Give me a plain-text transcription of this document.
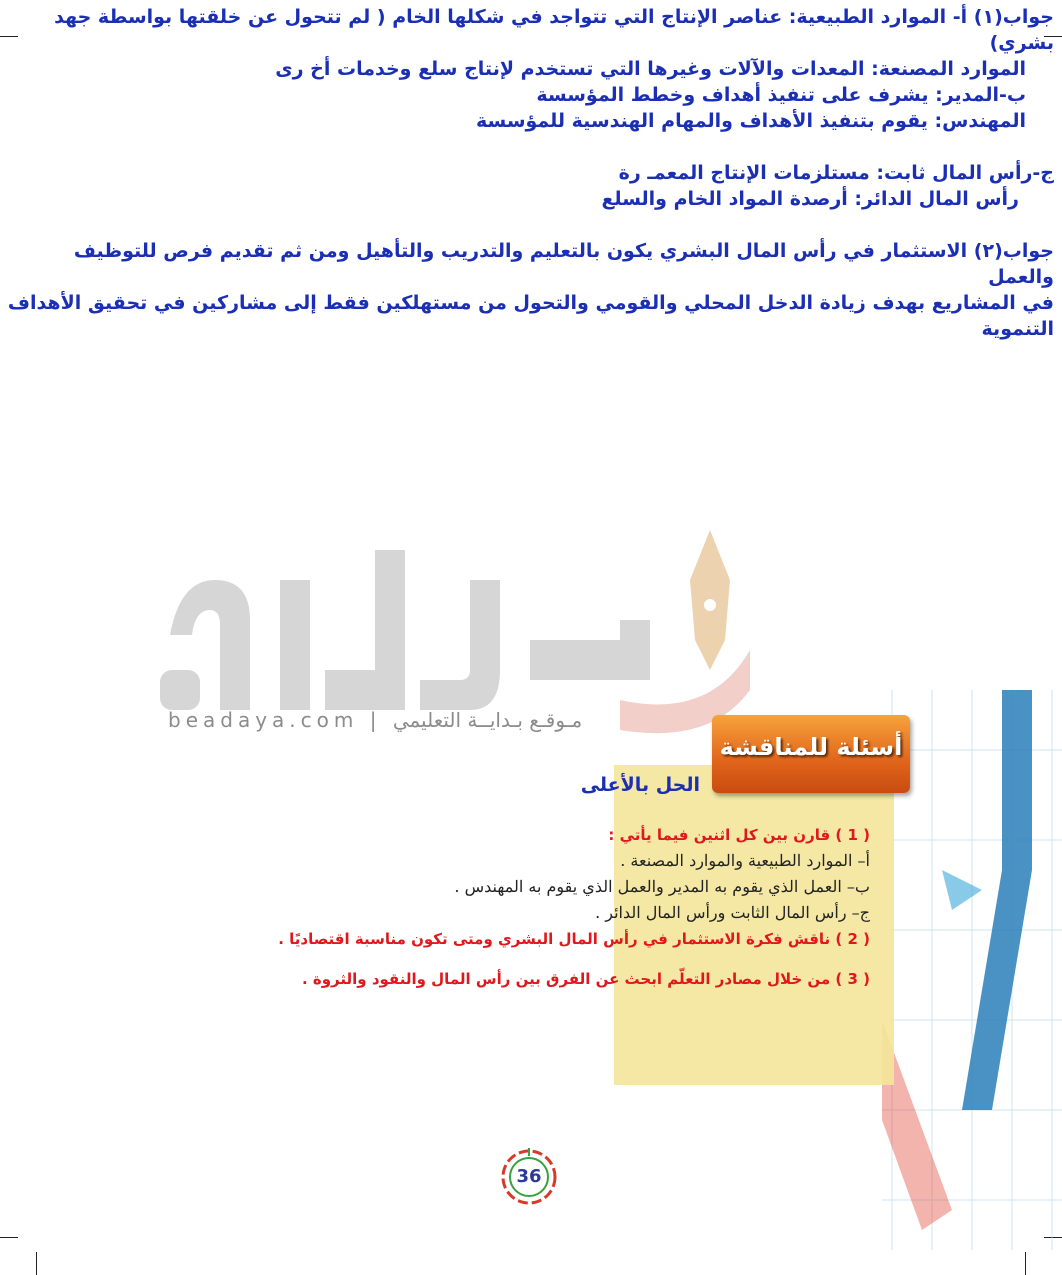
جواب(١) أ- الموارد الطبيعية: عناصر الإنتاج التي تتواجد في شكلها الخام ( لم تتحول عن خلقتها بواسطة جهد

بشري)

الموارد المصنعة: المعدات والآلات وغيرها التي تستخدم لإنتاج سلع وخدمات أخ رى

ب-المدير: يشرف على تنفيذ أهداف وخطط المؤسسة

المهندس: يقوم بتنفيذ الأهداف والمهام الهندسية للمؤسسة

ج-رأس المال ثابت: مستلزمات الإنتاج المعمـ رة

رأس المال الدائر: أرصدة المواد الخام والسلع

جواب(٢) الاستثمار في رأس المال البشري يكون بالتعليم والتدريب والتأهيل ومن ثم تقديم فرص للتوظيف والعمل

في المشاريع بهدف زيادة الدخل المحلي والقومي والتحول من مستهلكين فقط إلى مشاركين في تحقيق الأهداف

التنموية

beadaya.com | مـوقـع بـدايــة التعليمي
أسئلة للمناقشة
الحل بالأعلى

( 1 ) قارن بين كل اثنين فيما يأتي :

أ– الموارد الطبيعية والموارد المصنعة .

ب– العمل الذي يقوم به المدير والعمل الذي يقوم به المهندس .

ج– رأس المال الثابت ورأس المال الدائر .

( 2 ) ناقش فكرة الاستثمار في رأس المال البشري ومتى تكون مناسبة اقتصاديًا .

( 3 ) من خلال مصادر التعلّم ابحث عن الفرق بين رأس المال والنقود والثروة .

36
